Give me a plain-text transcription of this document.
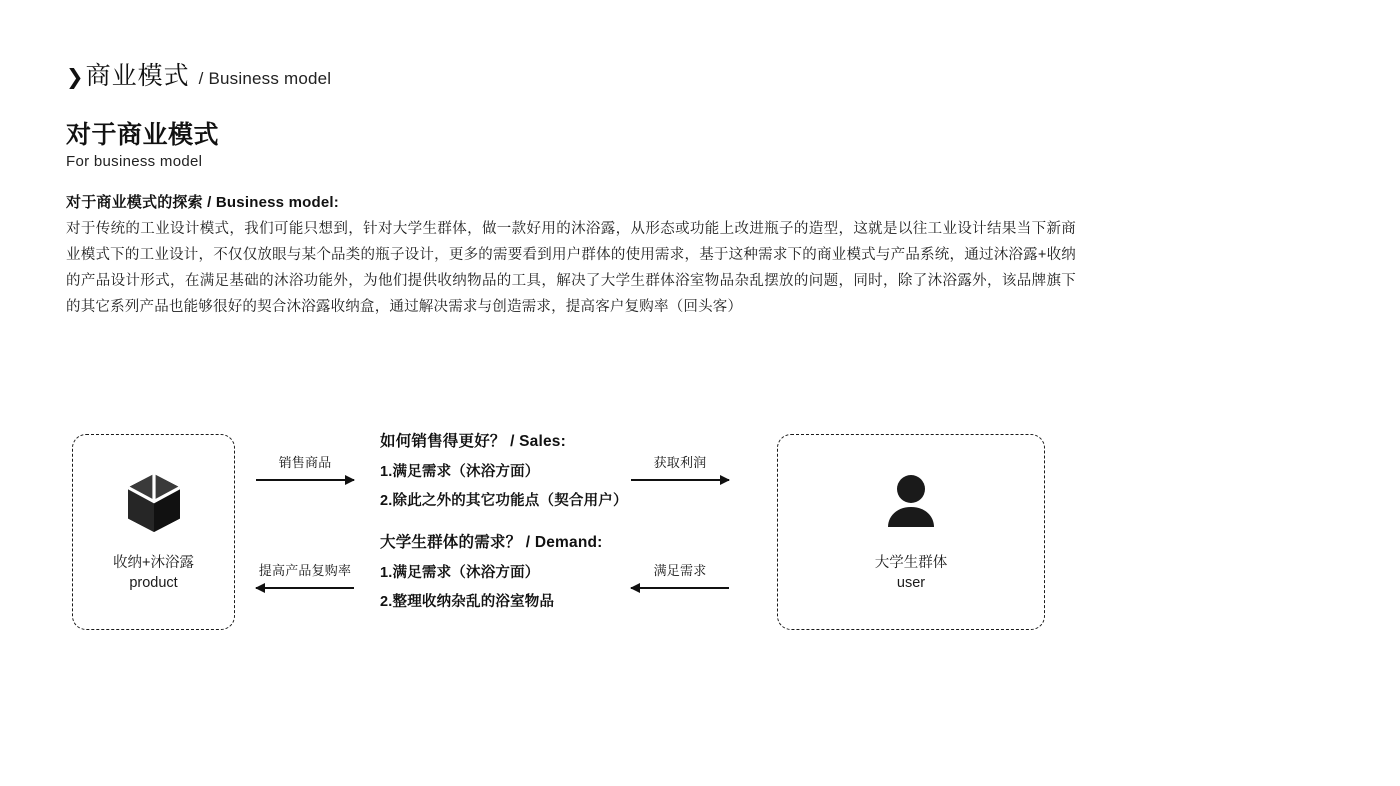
❯ 商业模式 / Business model
对于商业模式
For business model
对于商业模式的探索 / Business model:
对于传统的工业设计模式，我们可能只想到，针对大学生群体，做一款好用的沐浴露，从形态或功能上改进瓶子的造型，这就是以往工业设计结果当下新商业模式下的工业设计，不仅仅放眼与某个品类的瓶子设计，更多的需要看到用户群体的使用需求，基于这种需求下的商业模式与产品系统，通过沐浴露+收纳的产品设计形式，在满足基础的沐浴功能外，为他们提供收纳物品的工具，解决了大学生群体浴室物品杂乱摆放的问题，同时，除了沐浴露外，该品牌旗下的其它系列产品也能够很好的契合沐浴露收纳盒，通过解决需求与创造需求，提高客户复购率（回头客）
收纳+沐浴露
product
大学生群体
user
销售商品	获取利润
提高产品复购率	满足需求
如何销售得更好？ / Sales:
1.满足需求（沐浴方面）
2.除此之外的其它功能点（契合用户）
大学生群体的需求？ / Demand:
1.满足需求（沐浴方面）
2.整理收纳杂乱的浴室物品
